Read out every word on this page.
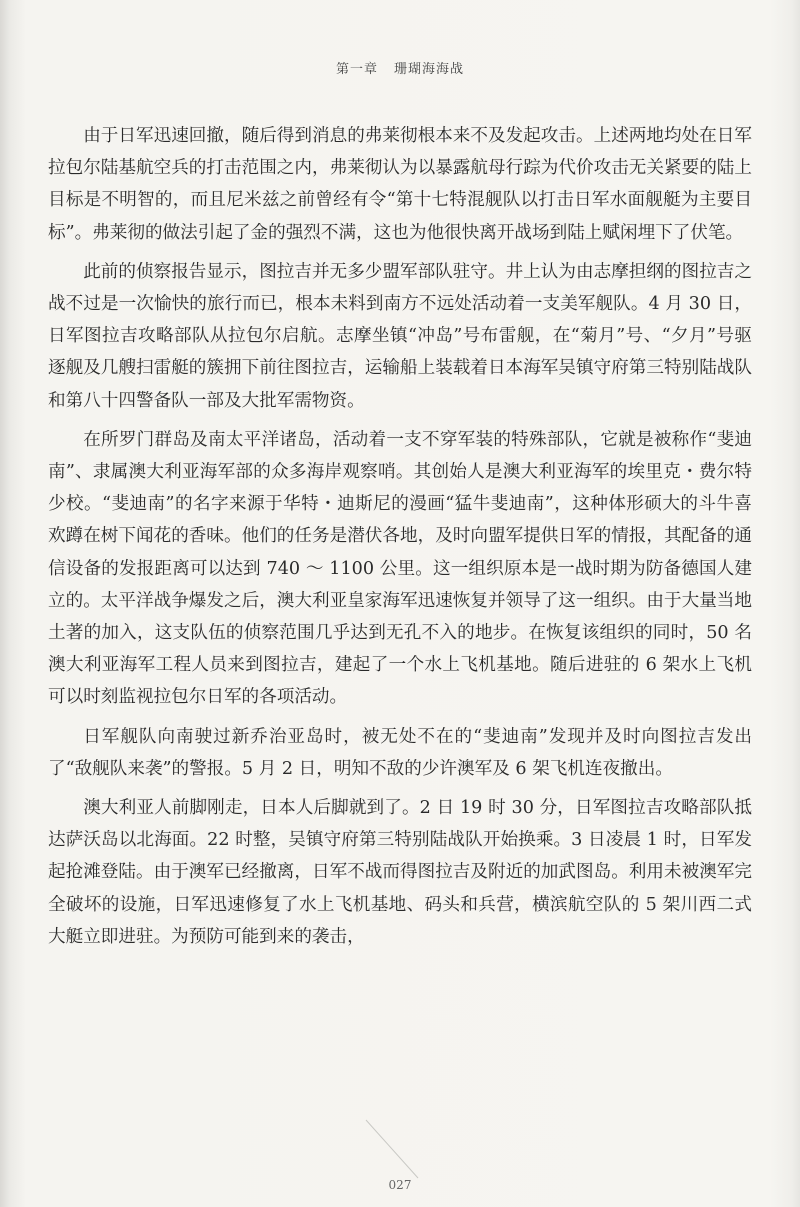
第一章 珊瑚海海战

由于日军迅速回撤，随后得到消息的弗莱彻根本来不及发起攻击。上述两地均处在日军拉包尔陆基航空兵的打击范围之内，弗莱彻认为以暴露航母行踪为代价攻击无关紧要的陆上目标是不明智的，而且尼米兹之前曾经有令“第十七特混舰队以打击日军水面舰艇为主要目标”。弗莱彻的做法引起了金的强烈不满，这也为他很快离开战场到陆上赋闲埋下了伏笔。

此前的侦察报告显示，图拉吉并无多少盟军部队驻守。井上认为由志摩担纲的图拉吉之战不过是一次愉快的旅行而已，根本未料到南方不远处活动着一支美军舰队。4 月 30 日，日军图拉吉攻略部队从拉包尔启航。志摩坐镇“冲岛”号布雷舰，在“菊月”号、“夕月”号驱逐舰及几艘扫雷艇的簇拥下前往图拉吉，运输船上装载着日本海军吴镇守府第三特别陆战队和第八十四警备队一部及大批军需物资。

在所罗门群岛及南太平洋诸岛，活动着一支不穿军装的特殊部队，它就是被称作“斐迪南”、隶属澳大利亚海军部的众多海岸观察哨。其创始人是澳大利亚海军的埃里克・费尔特少校。“斐迪南”的名字来源于华特・迪斯尼的漫画“猛牛斐迪南”，这种体形硕大的斗牛喜欢蹲在树下闻花的香味。他们的任务是潜伏各地，及时向盟军提供日军的情报，其配备的通信设备的发报距离可以达到 740 ～ 1100 公里。这一组织原本是一战时期为防备德国人建立的。太平洋战争爆发之后，澳大利亚皇家海军迅速恢复并领导了这一组织。由于大量当地土著的加入，这支队伍的侦察范围几乎达到无孔不入的地步。在恢复该组织的同时，50 名澳大利亚海军工程人员来到图拉吉，建起了一个水上飞机基地。随后进驻的 6 架水上飞机可以时刻监视拉包尔日军的各项活动。

日军舰队向南驶过新乔治亚岛时，被无处不在的“斐迪南”发现并及时向图拉吉发出了“敌舰队来袭”的警报。5 月 2 日，明知不敌的少许澳军及 6 架飞机连夜撤出。

澳大利亚人前脚刚走，日本人后脚就到了。2 日 19 时 30 分，日军图拉吉攻略部队抵达萨沃岛以北海面。22 时整，吴镇守府第三特别陆战队开始换乘。3 日凌晨 1 时，日军发起抢滩登陆。由于澳军已经撤离，日军不战而得图拉吉及附近的加武图岛。利用未被澳军完全破坏的设施，日军迅速修复了水上飞机基地、码头和兵营，横滨航空队的 5 架川西二式大艇立即进驻。为预防可能到来的袭击，

027
